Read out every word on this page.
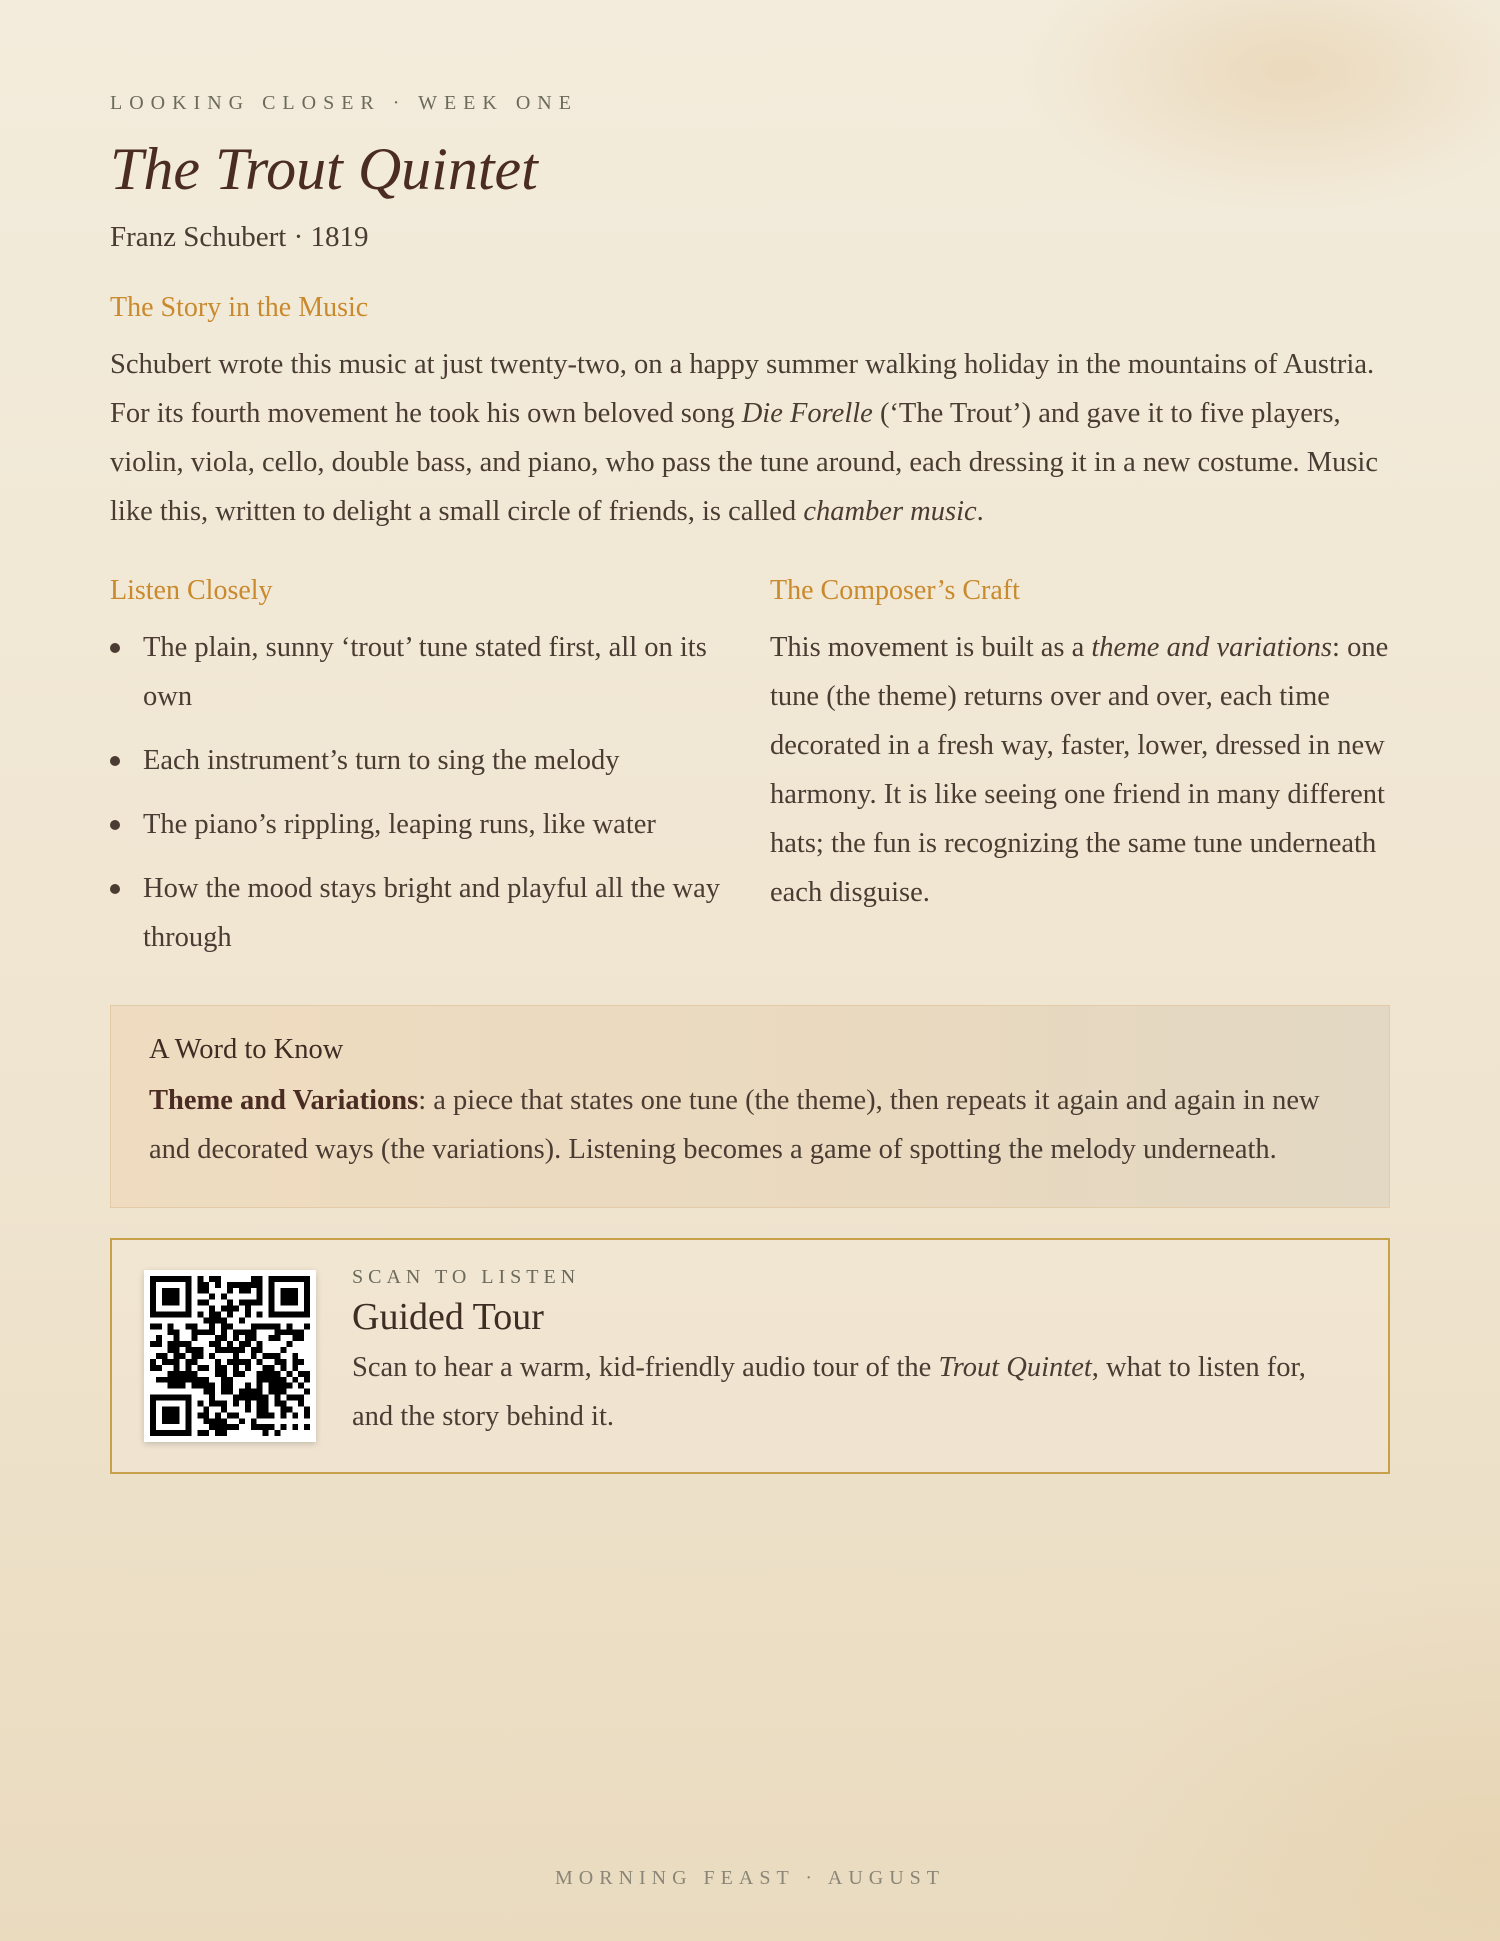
LOOKING CLOSER · WEEK ONE
The Trout Quintet
Franz Schubert · 1819
The Story in the Music

Schubert wrote this music at just twenty-two, on a happy summer walking holiday in the mountains of Austria. For its fourth movement he took his own beloved song Die Forelle (‘The Trout’) and gave it to five players, violin, viola, cello, double bass, and piano, who pass the tune around, each dressing it in a new costume. Music like this, written to delight a small circle of friends, is called chamber music.

Listen Closely
The plain, sunny ‘trout’ tune stated first, all on its own
Each instrument’s turn to sing the melody
The piano’s rippling, leaping runs, like water
How the mood stays bright and playful all the way through
The Composer’s Craft

This movement is built as a theme and variations: one tune (the theme) returns over and over, each time decorated in a fresh way, faster, lower, dressed in new harmony. It is like seeing one friend in many different hats; the fun is recognizing the same tune underneath each disguise.

A Word to Know

Theme and Variations: a piece that states one tune (the theme), then repeats it again and again in new and decorated ways (the variations). Listening becomes a game of spotting the melody underneath.

SCAN TO LISTEN
Guided Tour
Scan to hear a warm, kid-friendly audio tour of the Trout Quintet, what to listen for, and the story behind it.
MORNING FEAST · AUGUST
